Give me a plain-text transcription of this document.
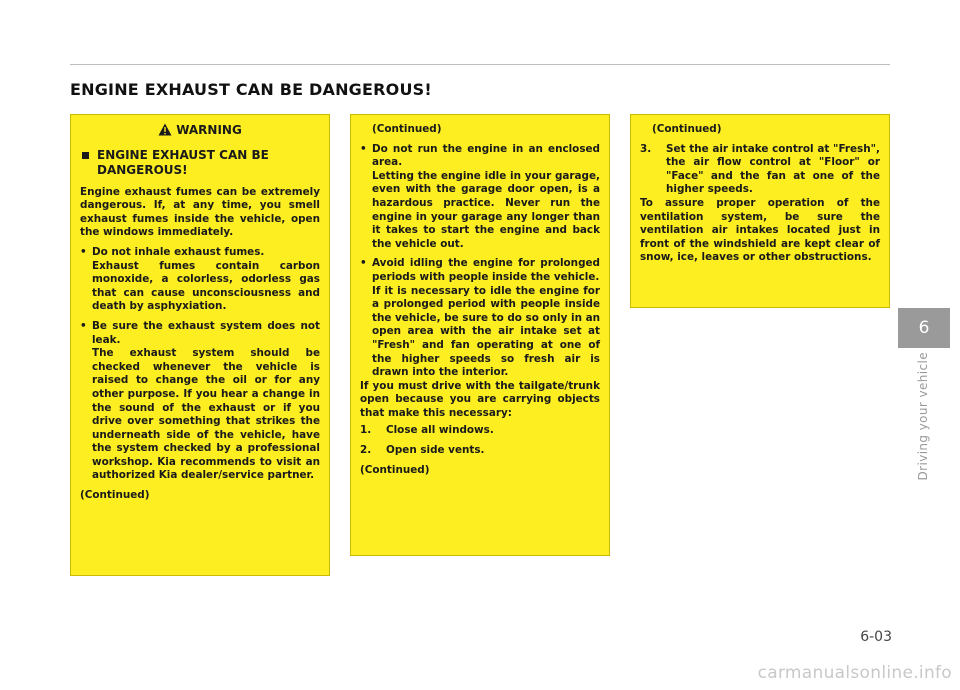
ENGINE EXHAUST CAN BE DANGEROUS!
WARNING
ENGINE EXHAUST CAN BE DANGEROUS!

Engine exhaust fumes can be extremely dangerous. If, at any time, you smell exhaust fumes inside the vehicle, open the windows immediately.

• Do not inhale exhaust fumes.

Exhaust fumes contain carbon monoxide, a colorless, odorless gas that can cause unconsciousness and death by asphyxiation.

• Be sure the exhaust system does not leak.

The exhaust system should be checked whenever the vehicle is raised to change the oil or for any other purpose. If you hear a change in the sound of the exhaust or if you drive over something that strikes the underneath side of the vehicle, have the system checked by a professional workshop. Kia recommends to visit an authorized Kia dealer/service partner.

(Continued)
(Continued)
• Do not run the engine in an enclosed area.

Letting the engine idle in your garage, even with the garage door open, is a hazardous practice. Never run the engine in your garage any longer than it takes to start the engine and back the vehicle out.

• Avoid idling the engine for prolonged periods with people inside the vehicle.

If it is necessary to idle the engine for a prolonged period with people inside the vehicle, be sure to do so only in an open area with the air intake set at "Fresh" and fan operating at one of the higher speeds so fresh air is drawn into the interior.

If you must drive with the tailgate/trunk open because you are carrying objects that make this necessary:

1.	Close all windows.
2.	Open side vents.
(Continued)
(Continued)
3.	Set the air intake control at "Fresh", the air flow control at "Floor" or "Face" and the fan at one of the higher speeds.

To assure proper operation of the ventilation system, be sure the ventilation air intakes located just in front of the windshield are kept clear of snow, ice, leaves or other obstructions.

6
Driving your vehicle
6-03
carmanualsonline.info
